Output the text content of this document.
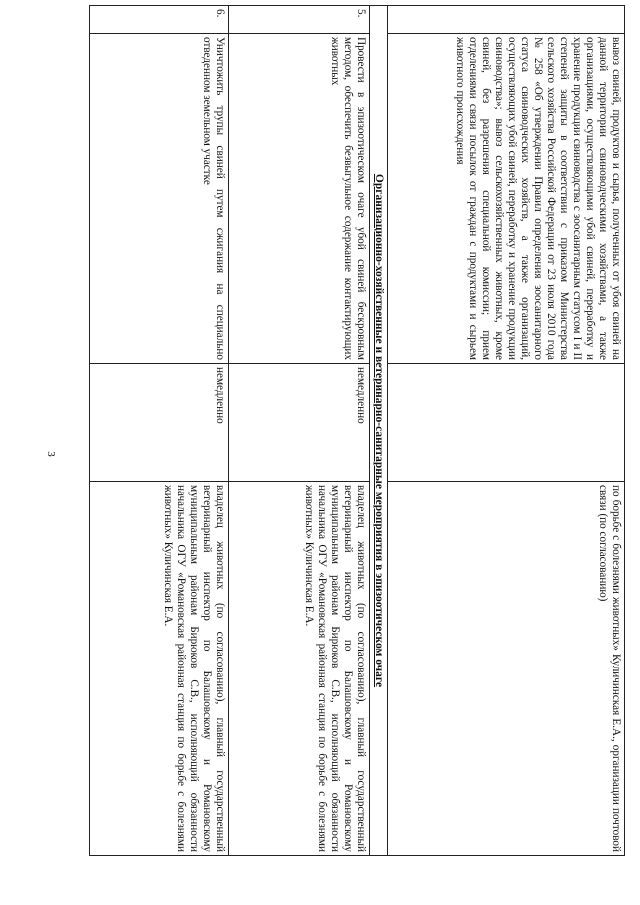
3
	вывоз свиней, продуктов и сырья, полученных от убоя свиней на данной территории свиноводческими хозяйствами, а также организациями, осуществляющими убой свиней, переработку и хранение продукции свиноводства с зоосанитарным статусом I и II степеней защиты в соответствии с приказом Министерства сельского хозяйства Российской Федерации от 23 июля 2010 года № 258 «Об утверждении Правил определения зоосанитарного статуса свиноводческих хозяйств, а также организаций, осуществляющих убой свиней, переработку и хранение продукции свиноводства»; вывоз сельскохозяйственных животных, кроме свиней, без разрешения специальной комиссии; прием отделениями связи посылок от граждан с продуктами и сырьем животного происхождения		по борьбе с болезнями животных» Куличинская Е.А., организации почтовой связи (по согласованию)
Организационно-хозяйственные и ветеринарно-санитарные мероприятия в эпизоотическом очаге			
5.	Провести в эпизоотическом очаге убой свиней бескровным методом, обеспечить безвыгульное содержание контактирующих животных	немедленно	владелец животных (по согласованию), главный государственный ветеринарный инспектор по Балашовскому и Романовскому муниципальным районам Бирюков С.В., исполняющий обязанности начальника ОГУ «Романовская районная станция по борьбе с болезнями животных» Куличинская Е.А.
6.	Уничтожить трупы свиней путем сжигания на специально отведенном земельном участке	немедленно	владелец животных (по согласованию), главный государственный ветеринарный инспектор по Балашовскому и Романовскому муниципальным районам Бирюков С.В., исполняющий обязанности начальника ОГУ «Романовская районная станция по борьбе с болезнями животных» Куличинская Е.А.
